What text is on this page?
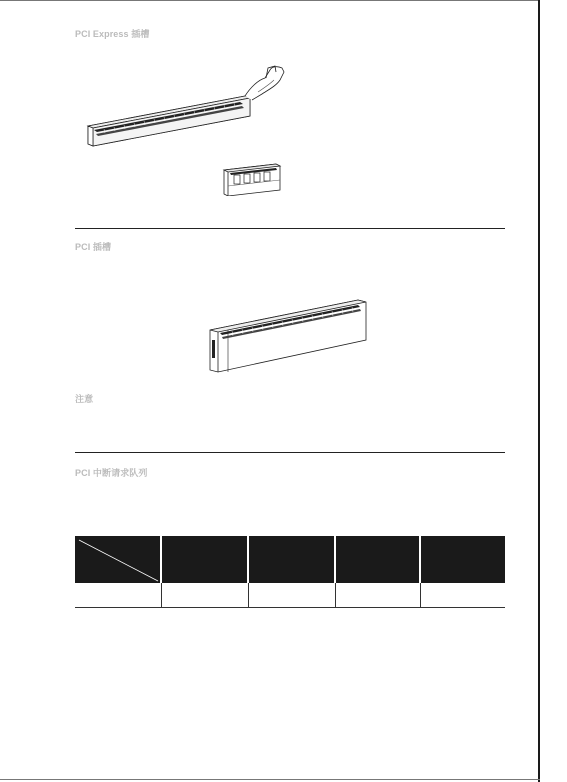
PCI Express 插槽
PCI 插槽
注意
PCI 中断请求队列
